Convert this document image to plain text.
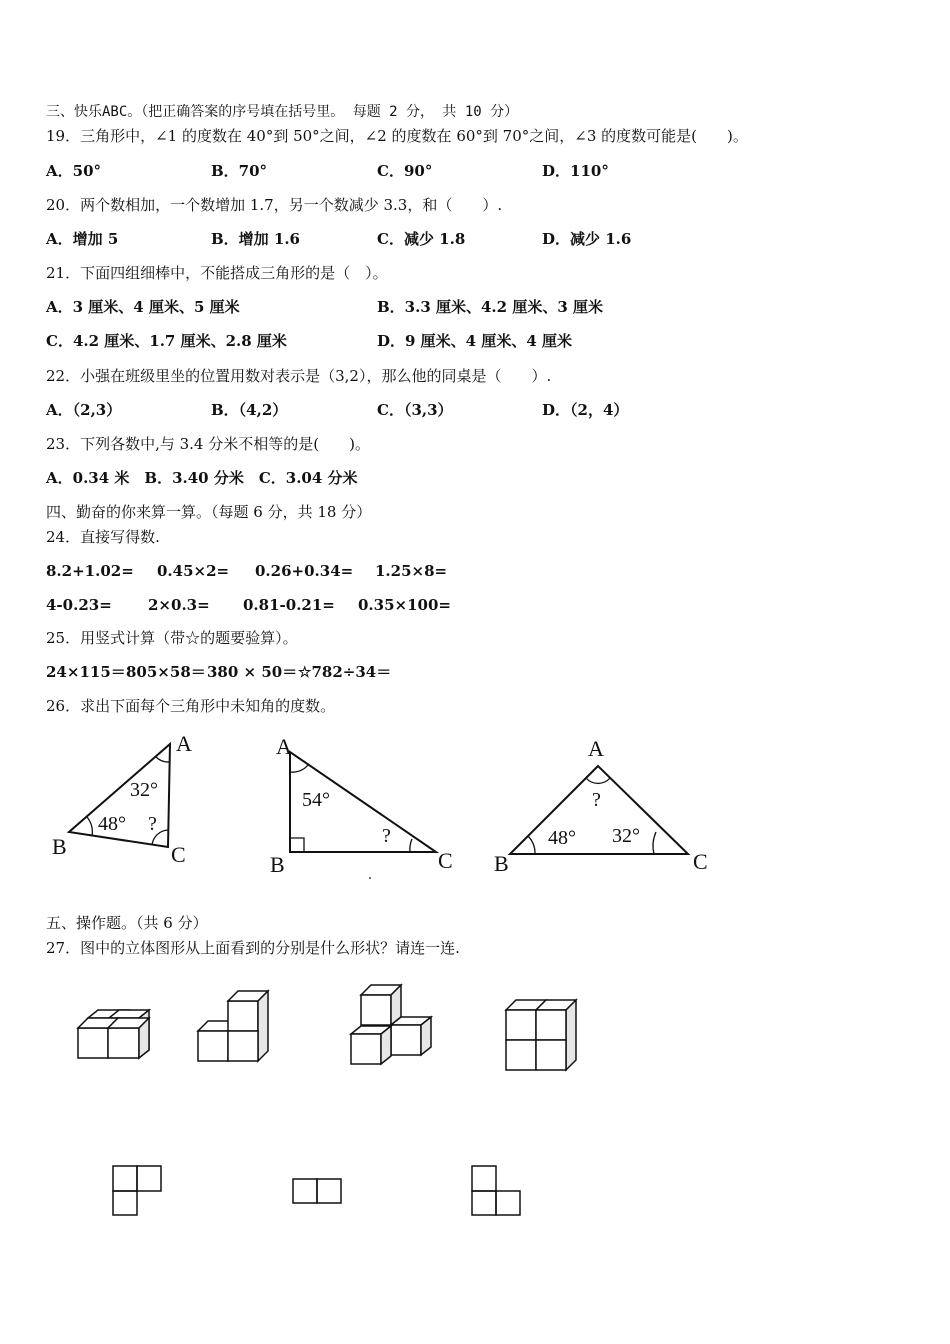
三、快乐ABC。（把正确答案的序号填在括号里。 每题 2 分， 共 10 分）
19．三角形中，∠1 的度数在 40°到 50°之间，∠2 的度数在 60°到 70°之间，∠3 的度数可能是(　　)。
A．50°	B．70°	C．90°	D．110°
20．两个数相加，一个数增加 1.7，另一个数减少 3.3，和（　　）.
A．增加 5	B．增加 1.6	C．减少 1.8	D．减少 1.6
21．下面四组细棒中，不能搭成三角形的是（　）。
A．3 厘米、4 厘米、5 厘米	B．3.3 厘米、4.2 厘米、3 厘米
C．4.2 厘米、1.7 厘米、2.8 厘米	D．9 厘米、4 厘米、4 厘米
22．小强在班级里坐的位置用数对表示是（3,2），那么他的同桌是（　　）.
A．（2,3）	B．（4,2）	C．（3,3）	D．（2，4）
23．下列各数中,与 3.4 分米不相等的是(　　)。
A．0.34 米　B．3.40 分米　C．3.04 分米
四、勤奋的你来算一算。（每题 6 分，共 18 分）
24．直接写得数.
8.2+1.02= 0.45×2= 0.26+0.34= 1.25×8=
4-0.23= 2×0.3= 0.81-0.21= 0.35×100=
25．用竖式计算（带☆的题要验算）。
24×115＝ 805×58＝ 380 × 50＝ ☆782÷34＝
26．求出下面每个三角形中未知角的度数。
A
B	C
32°
48° ?
A
B	C
54°
?
A
B	C
?
48° 32°
五、操作题。（共 6 分）
27．图中的立体图形从上面看到的分别是什么形状？请连一连.
